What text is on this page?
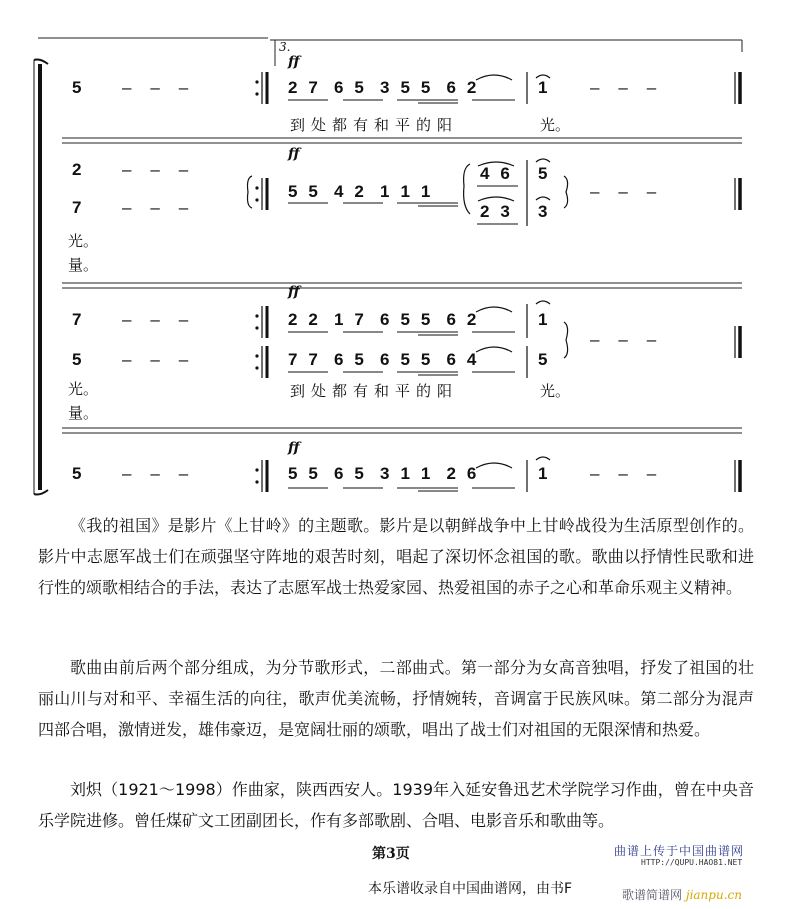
3.
ff
5 –    –    –	2  7   6  5   3  5  5   6  2	1 –    –    –
到处都有和平的阳	光。
ff
2 –    –    –
7 –    –    –
5  5   4  2   1  1  1
4  6
2  3
5
3
–    –    –
光。
量。
ff
7 –    –    –
5 –    –    –
2  2   1  7   6  5  5   6  2
7  7   6  5   6  5  5   6  4
1
5
–    –    –
光。
量。
到处都有和平的阳	光。
ff
5 –    –    –	5  5   6  5   3  1  1   2  6	1 –    –    –

《我的祖国》是影片《上甘岭》的主题歌。影片是以朝鲜战争中上甘岭战役为生活原型创作的。影片中志愿军战士们在顽强坚守阵地的艰苦时刻，唱起了深切怀念祖国的歌。歌曲以抒情性民歌和进行性的颂歌相结合的手法，表达了志愿军战士热爱家园、热爱祖国的赤子之心和革命乐观主义精神。

歌曲由前后两个部分组成，为分节歌形式，二部曲式。第一部分为女高音独唱，抒发了祖国的壮丽山川与对和平、幸福生活的向往，歌声优美流畅，抒情婉转，音调富于民族风味。第二部分为混声四部合唱，激情迸发，雄伟豪迈，是宽阔壮丽的颂歌，唱出了战士们对祖国的无限深情和热爱。

刘炽（1921～1998）作曲家，陕西西安人。1939年入延安鲁迅艺术学院学习作曲，曾在中央音乐学院进修。曾任煤矿文工团副团长，作有多部歌剧、合唱、电影音乐和歌曲等。

第3页
本乐谱收录自中国曲谱网，由书F
曲谱上传于中国曲谱网
HTTP://QUPU.HAO81.NET
歌谱简谱网 jianpu.cn
